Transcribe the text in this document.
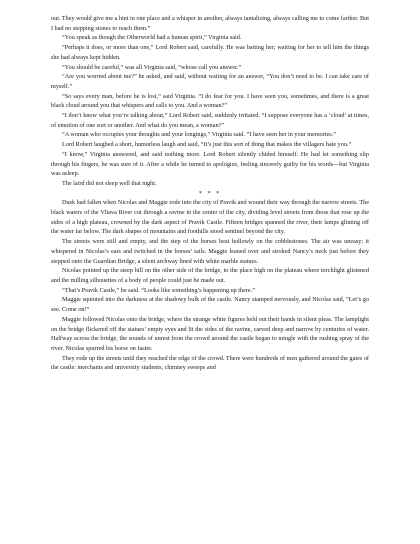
out. They would give me a hint in one place and a whisper in another, always tantalizing, always calling me to come farther. But I had no stepping stones to reach them.”

“You speak as though the Otherworld had a human spirit,” Virginia said.

“Perhaps it does, or more than one,” Lord Robert said, carefully. He was baiting her; waiting for her to tell him the things she had always kept hidden.

“You should be careful,” was all Virginia said, “whose call you answer.”

“Are you worried about me?” he asked, and said, without waiting for an answer, “You don’t need to be. I can take care of myself.”

“So says every man, before he is lost,” said Virginia. “I do fear for you. I have seen you, sometimes, and there is a great black cloud around you that whispers and calls to you. And a woman?”

“I don’t know what you’re talking about,” Lord Robert said, suddenly irritated. “I suppose everyone has a ‘cloud’ at times, of emotion of one sort or another. And what do you mean, a woman?”

“A woman who occupies your thoughts and your longings,” Virginia said. “I have seen her in your memories.”

Lord Robert laughed a short, humorless laugh and said, “It’s just this sort of thing that makes the villagers hate you.”

“I know,” Virginia answered, and said nothing more. Lord Robert silently chided himself. He had let something slip through his fingers, he was sure of it. After a while he turned to apologize, feeling sincerely guilty for his words—but Virginia was asleep.

The laird did not sleep well that night.

* * *

Dusk had fallen when Nicolas and Maggie rode into the city of Pravik and wound their way through the narrow streets. The black waters of the Vltava River cut through a ravine in the center of the city, dividing level streets from those that rose up the sides of a high plateau, crowned by the dark aspect of Pravik Castle. Fifteen bridges spanned the river, their lamps glinting off the water far below. The dark shapes of mountains and foothills stood sentinel beyond the city.

The streets were still and empty, and the step of the horses beat hollowly on the cobblestones. The air was uneasy; it whispered in Nicolas’s ears and twitched in the horses’ tails. Maggie leaned over and stroked Nancy’s neck just before they stepped onto the Guardian Bridge, a silent archway lined with white marble statues.

Nicolas pointed up the steep hill on the other side of the bridge, to the place high on the plateau where torchlight glistened and the milling silhouettes of a body of people could just be made out.

“That’s Pravik Castle,” he said. “Looks like something’s happening up there.”

Maggie squinted into the darkness at the shadowy bulk of the castle. Nancy stamped nervously, and Nicolas said, “Let’s go see. Come on!”

Maggie followed Nicolas onto the bridge, where the strange white figures held out their hands in silent pleas. The lamplight on the bridge flickered off the statues’ empty eyes and lit the sides of the ravine, carved deep and narrow by centuries of water. Halfway across the bridge, the sounds of unrest from the crowd around the castle began to mingle with the rushing spray of the river. Nicolas spurred his horse on faster.

They rode up the streets until they reached the edge of the crowd. There were hundreds of men gathered around the gates of the castle: merchants and university students, chimney sweeps and
